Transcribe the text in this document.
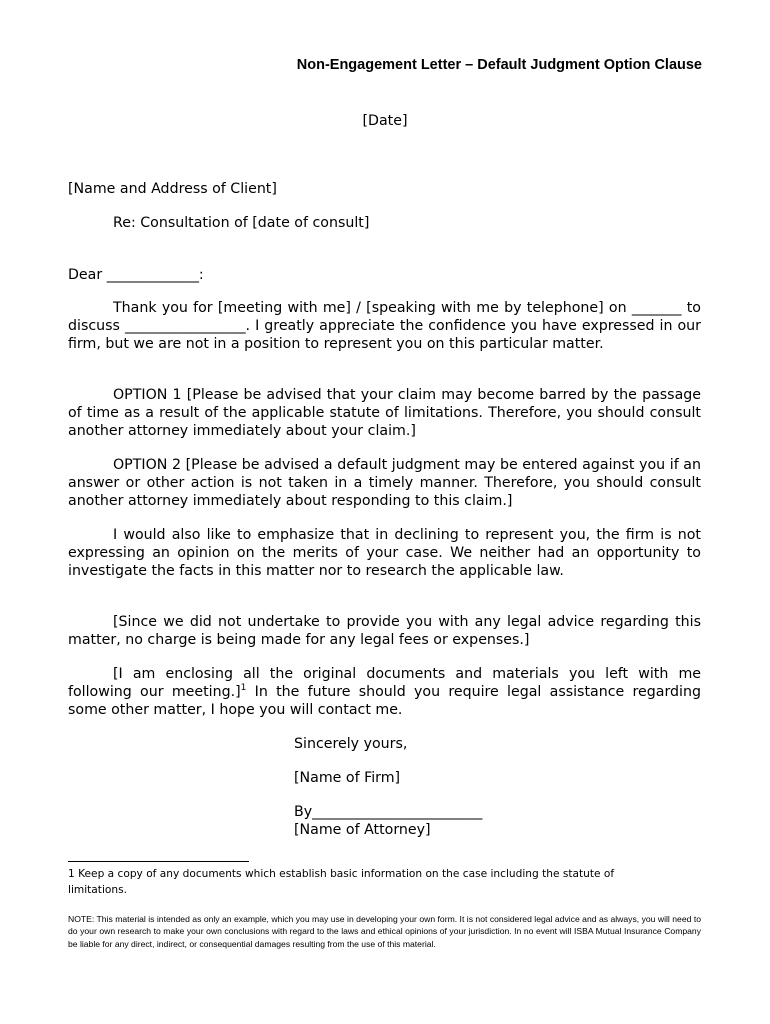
Non-Engagement Letter – Default Judgment Option Clause
[Date]
[Name and Address of Client]
Re: Consultation of [date of consult]
Dear _____________:
Thank you for [meeting with me] / [speaking with me by telephone] on _______ to discuss _________________. I greatly appreciate the confidence you have expressed in our firm, but we are not in a position to represent you on this particular matter.
OPTION 1 [Please be advised that your claim may become barred by the passage of time as a result of the applicable statute of limitations. Therefore, you should consult another attorney immediately about your claim.]
OPTION 2 [Please be advised a default judgment may be entered against you if an answer or other action is not taken in a timely manner. Therefore, you should consult another attorney immediately about responding to this claim.]
I would also like to emphasize that in declining to represent you, the firm is not expressing an opinion on the merits of your case. We neither had an opportunity to investigate the facts in this matter nor to research the applicable law.
[Since we did not undertake to provide you with any legal advice regarding this matter, no charge is being made for any legal fees or expenses.]
[I am enclosing all the original documents and materials you left with me following our meeting.]$^1$ In the future should you require legal assistance regarding some other matter, I hope you will contact me.
Sincerely yours,
[Name of Firm]
By________________________
[Name of Attorney]
1 Keep a copy of any documents which establish basic information on the case including the statute of limitations.
NOTE: This material is intended as only an example, which you may use in developing your own form. It is not considered legal advice and as always, you will need to do your own research to make your own conclusions with regard to the laws and ethical opinions of your jurisdiction. In no event will ISBA Mutual Insurance Company be liable for any direct, indirect, or consequential damages resulting from the use of this material.
